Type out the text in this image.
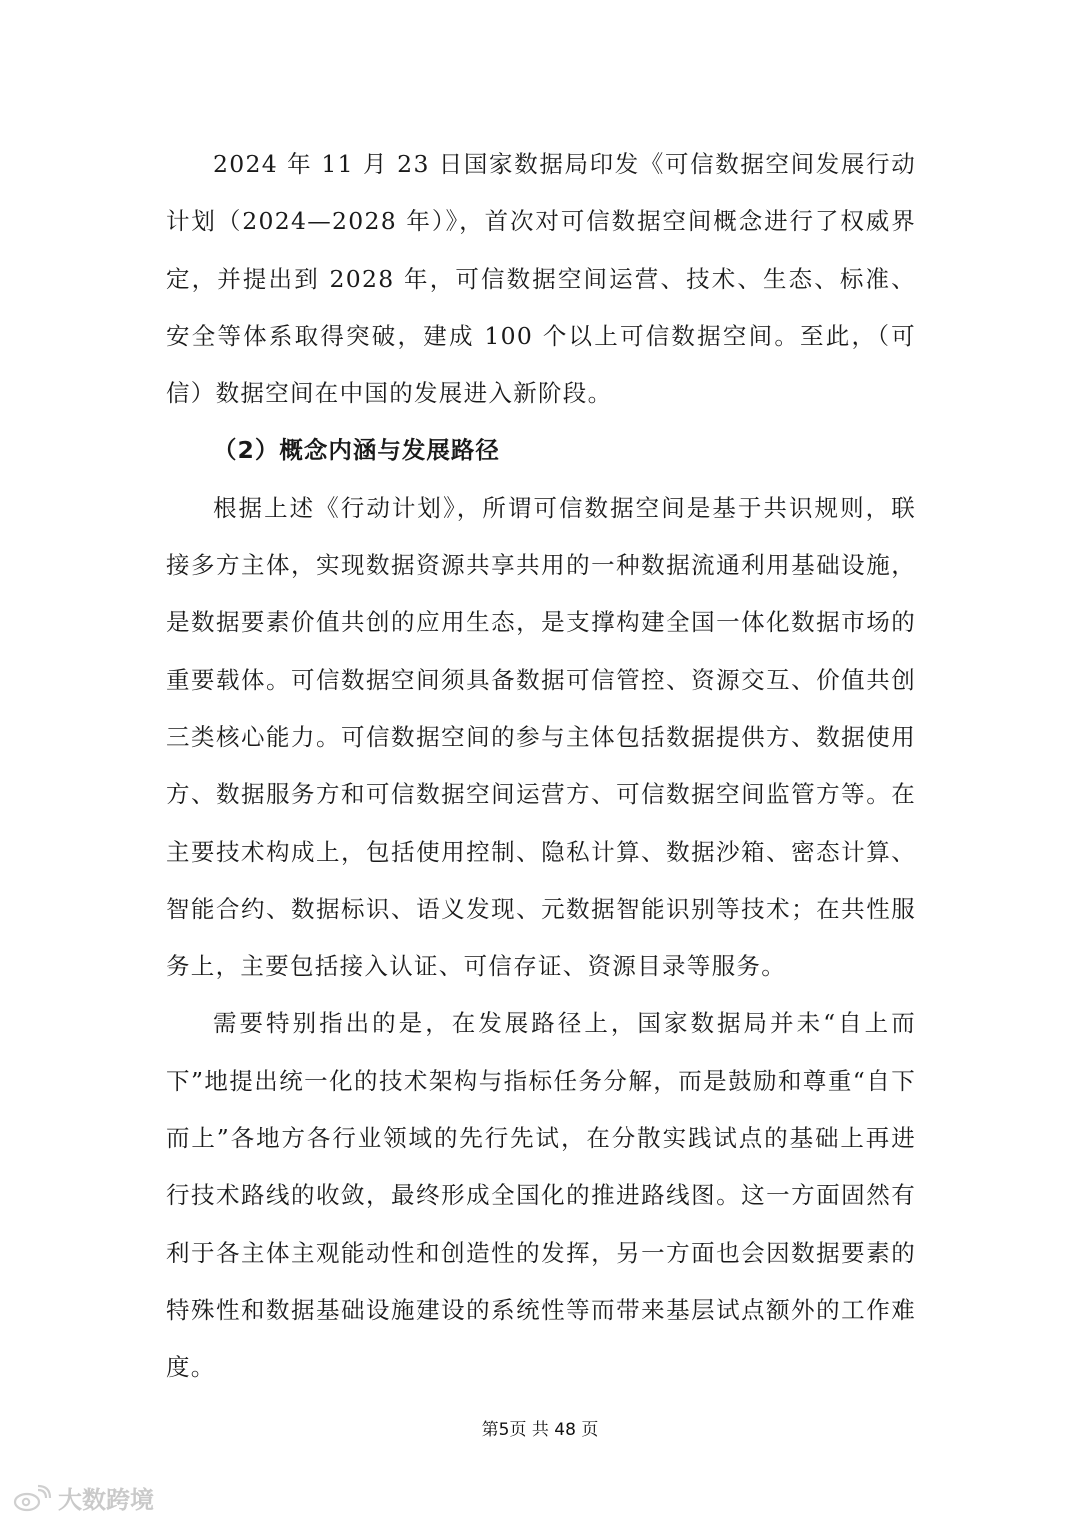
2024 年 11 月 23 日国家数据局印发《可信数据空间发展行动计划（2024—2028 年）》，首次对可信数据空间概念进行了权威界定，并提出到 2028 年，可信数据空间运营、技术、生态、标准、安全等体系取得突破，建成 100 个以上可信数据空间。至此，（可信）数据空间在中国的发展进入新阶段。

（2）概念内涵与发展路径

根据上述《行动计划》，所谓可信数据空间是基于共识规则，联接多方主体，实现数据资源共享共用的一种数据流通利用基础设施，是数据要素价值共创的应用生态，是支撑构建全国一体化数据市场的重要载体。可信数据空间须具备数据可信管控、资源交互、价值共创三类核心能力。可信数据空间的参与主体包括数据提供方、数据使用方、数据服务方和可信数据空间运营方、可信数据空间监管方等。在主要技术构成上，包括使用控制、隐私计算、数据沙箱、密态计算、智能合约、数据标识、语义发现、元数据智能识别等技术；在共性服务上，主要包括接入认证、可信存证、资源目录等服务。

需要特别指出的是，在发展路径上，国家数据局并未“自上而下”地提出统一化的技术架构与指标任务分解，而是鼓励和尊重“自下而上”各地方各行业领域的先行先试，在分散实践试点的基础上再进行技术路线的收敛，最终形成全国化的推进路线图。这一方面固然有利于各主体主观能动性和创造性的发挥，另一方面也会因数据要素的特殊性和数据基础设施建设的系统性等而带来基层试点额外的工作难度。

第5页 共 48 页
大数跨境
